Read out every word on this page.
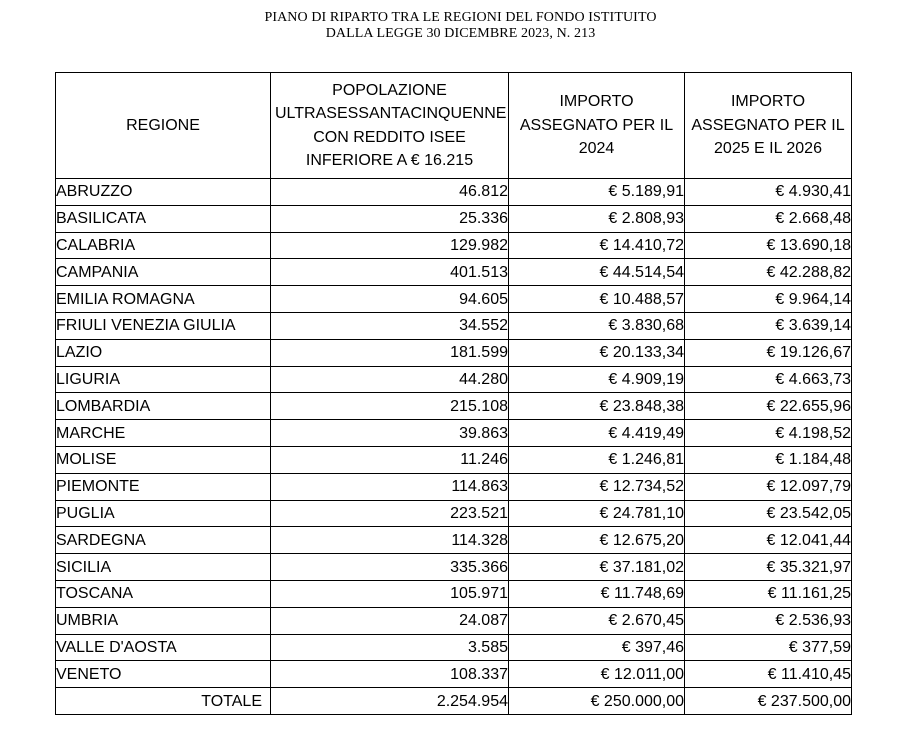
PIANO DI RIPARTO TRA LE REGIONI DEL FONDO ISTITUITO
DALLA LEGGE 30 DICEMBRE 2023, N. 213
REGIONE	POPOLAZIONE ULTRASESSANTACINQUENNE CON REDDITO ISEE INFERIORE A € 16.215	IMPORTO ASSEGNATO PER IL 2024	IMPORTO ASSEGNATO PER IL 2025 E IL 2026
ABRUZZO	46.812	€ 5.189,91	€ 4.930,41
BASILICATA	25.336	€ 2.808,93	€ 2.668,48
CALABRIA	129.982	€ 14.410,72	€ 13.690,18
CAMPANIA	401.513	€ 44.514,54	€ 42.288,82
EMILIA ROMAGNA	94.605	€ 10.488,57	€ 9.964,14
FRIULI VENEZIA GIULIA	34.552	€ 3.830,68	€ 3.639,14
LAZIO	181.599	€ 20.133,34	€ 19.126,67
LIGURIA	44.280	€ 4.909,19	€ 4.663,73
LOMBARDIA	215.108	€ 23.848,38	€ 22.655,96
MARCHE	39.863	€ 4.419,49	€ 4.198,52
MOLISE	11.246	€ 1.246,81	€ 1.184,48
PIEMONTE	114.863	€ 12.734,52	€ 12.097,79
PUGLIA	223.521	€ 24.781,10	€ 23.542,05
SARDEGNA	114.328	€ 12.675,20	€ 12.041,44
SICILIA	335.366	€ 37.181,02	€ 35.321,97
TOSCANA	105.971	€ 11.748,69	€ 11.161,25
UMBRIA	24.087	€ 2.670,45	€ 2.536,93
VALLE D'AOSTA	3.585	€ 397,46	€ 377,59
VENETO	108.337	€ 12.011,00	€ 11.410,45
TOTALE	2.254.954	€ 250.000,00	€ 237.500,00
